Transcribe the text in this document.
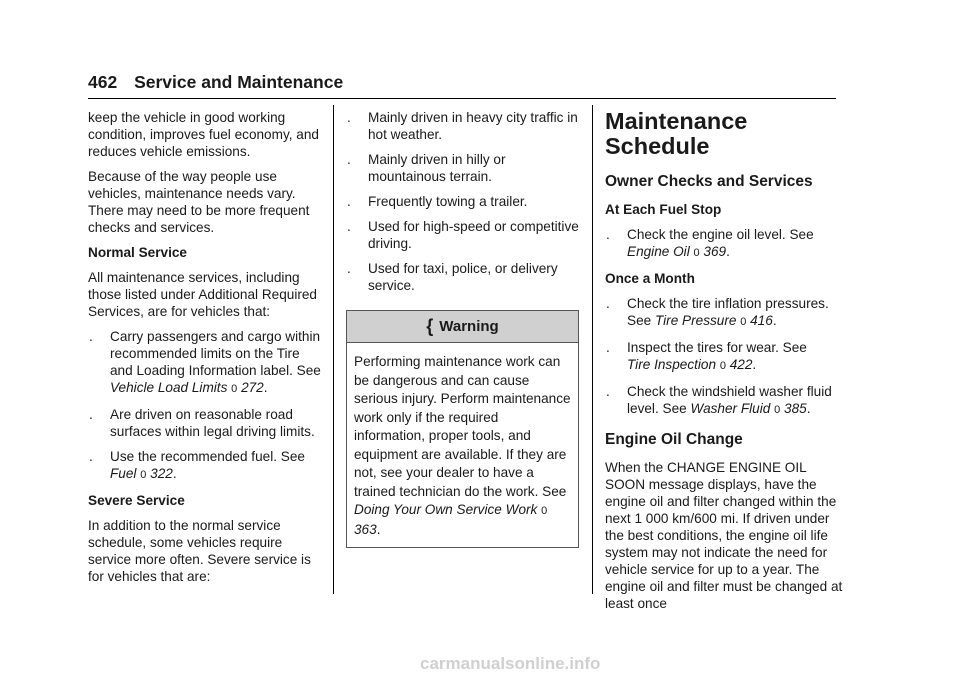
462 Service and Maintenance

keep the vehicle in good working condition, improves fuel economy, and reduces vehicle emissions.

Because of the way people use vehicles, maintenance needs vary. There may need to be more frequent checks and services.

Normal Service

All maintenance services, including those listed under Additional Required Services, are for vehicles that:

. Carry passengers and cargo within recommended limits on the Tire and Loading Information label. See Vehicle Load Limits 0 272.
. Are driven on reasonable road surfaces within legal driving limits.
. Use the recommended fuel. See
Fuel 0 322.

Severe Service

In addition to the normal service schedule, some vehicles require service more often. Severe service is for vehicles that are:

. Mainly driven in heavy city traffic in hot weather.
. Mainly driven in hilly or mountainous terrain.
. Frequently towing a trailer.
. Used for high-speed or competitive driving.
. Used for taxi, police, or delivery service.
{ Warning
Performing maintenance work can be dangerous and can cause serious injury. Perform maintenance work only if the required information, proper tools, and equipment are available. If they are not, see your dealer to have a trained technician do the work. See Doing Your Own Service Work 0 363.
Maintenance Schedule
Owner Checks and Services

At Each Fuel Stop

. Check the engine oil level. See
Engine Oil 0 369.

Once a Month

. Check the tire inflation pressures. See Tire Pressure 0 416.
. Inspect the tires for wear. See
Tire Inspection 0 422.
. Check the windshield washer fluid level. See Washer Fluid 0 385.
Engine Oil Change

When the CHANGE ENGINE OIL SOON message displays, have the engine oil and filter changed within the next 1 000 km/600 mi. If driven under the best conditions, the engine oil life system may not indicate the need for vehicle service for up to a year. The engine oil and filter must be changed at least once

carmanualsonline.info
